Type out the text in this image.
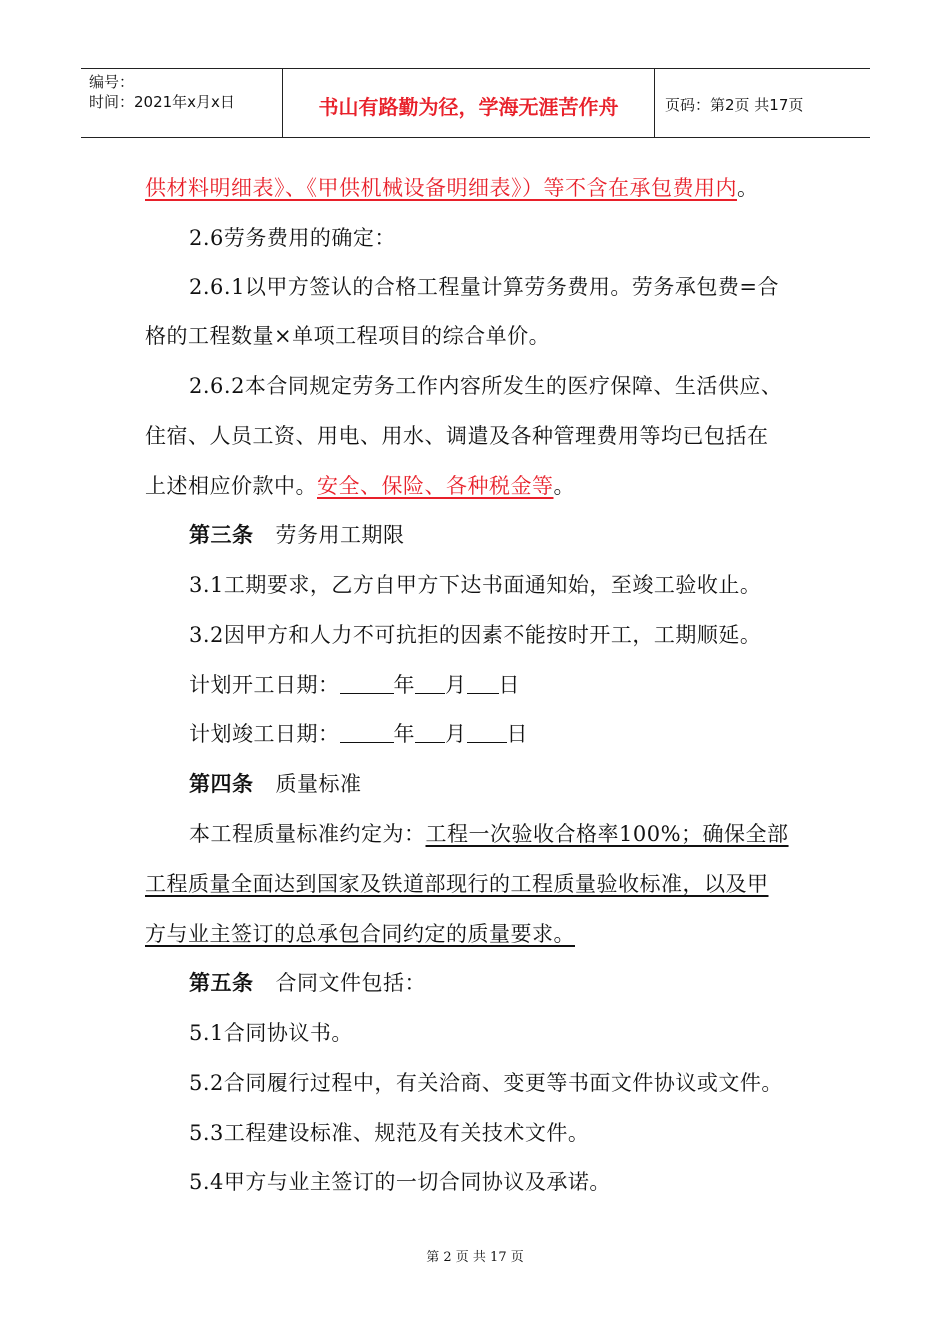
编号：
时间：2021年x月x日	书山有路勤为径，学海无涯苦作舟	页码：第2页 共17页
供材料明细表》、《甲供机械设备明细表》）等不含在承包费用内。
2.6劳务费用的确定：
2.6.1以甲方签认的合格工程量计算劳务费用。劳务承包费=合
格的工程数量×单项工程项目的综合单价。
2.6.2本合同规定劳务工作内容所发生的医疗保障、生活供应、
住宿、人员工资、用电、用水、调遣及各种管理费用等均已包括在
上述相应价款中。安全、保险、各种税金等。
第三条 劳务用工期限
3.1工期要求，乙方自甲方下达书面通知始，至竣工验收止。
3.2因甲方和人力不可抗拒的因素不能按时开工，工期顺延。
计划开工日期：	年 月 日
计划竣工日期：	年 月 日
第四条 质量标准
本工程质量标准约定为：工程一次验收合格率100%；确保全部
工程质量全面达到国家及铁道部现行的工程质量验收标准，以及甲
方与业主签订的总承包合同约定的质量要求。
第五条 合同文件包括：
5.1合同协议书。
5.2合同履行过程中，有关洽商、变更等书面文件协议或文件。
5.3工程建设标准、规范及有关技术文件。
5.4甲方与业主签订的一切合同协议及承诺。
第 2 页 共 17 页
